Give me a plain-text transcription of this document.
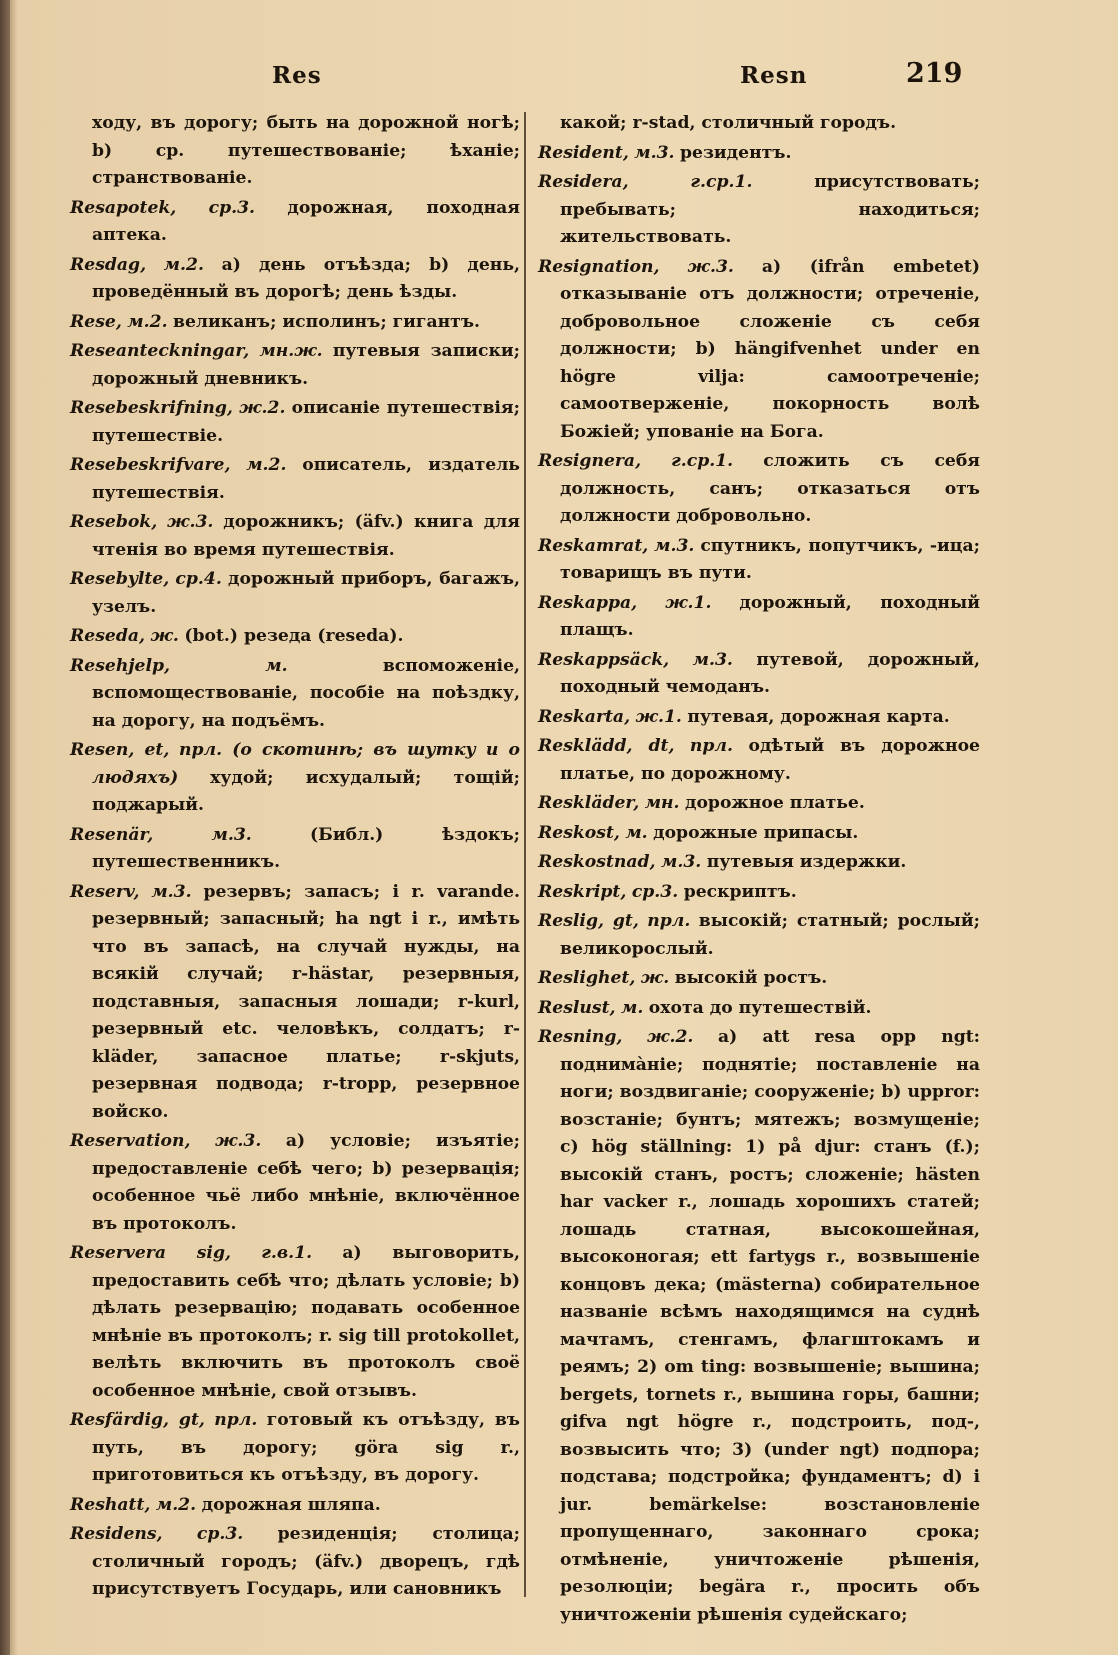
Res	Resn	219
ходу, въ дорогу; быть на дорожной ногѣ; b) ср. путешествованіе; ѣханіе; странствованіе.
Resapotek, ср.3. дорожная, походная аптека.
Resdag, м.2. a) день отъѣзда; b) день, проведённый въ дорогѣ; день ѣзды.
Rese, м.2. великанъ; исполинъ; гигантъ.
Reseanteckningar, мн.ж. путевыя записки; дорожный дневникъ.
Resebeskrifning, ж.2. описаніе путешествія; путешествіе.
Resebeskrifvare, м.2. описатель, издатель путешествія.
Resebok, ж.3. дорожникъ; (äfv.) книга для чтенія во время путешествія.
Resebylte, ср.4. дорожный приборъ, багажъ, узелъ.
Reseda, ж. (bot.) резеда (reseda).
Resehjelp,	м.	вспоможеніе, вспомоществованіе, пособіе на поѣздку, на дорогу, на подъёмъ.
Resen, et, прл. (о скотинѣ; въ шутку и о людяхъ) худой; исхудалый; тощій; поджарый.
Resenär,	м.3.	(Библ.) ѣздокъ; путешественникъ.
Reserv, м.3. резервъ; запасъ; i r. varande. резервный; запасный; ha ngt i r., имѣть что въ запасѣ, на случай нужды, на всякій случай; r-hästar, резервныя, подставныя, запасныя лошади; r-kurl, резервный etc. человѣкъ, солдатъ; r-kläder, запасное платье; r-skjuts, резервная подвода; r-tropp, резервное войско.
Reservation, ж.3. a) условіе; изъятіе; предоставленіе себѣ чего; b) резервація; особенное чьё либо мнѣніе, включённое въ протоколъ.
Reservera sig, г.в.1. a) выговорить, предоставить себѣ что; дѣлать условіе; b) дѣлать резервацію; подавать особенное мнѣніе въ протоколъ; r. sig till protokollet, велѣть включить въ протоколъ своё особенное мнѣніе, свой отзывъ.
Resfärdig, gt, прл. готовый къ отъѣзду, въ путь, въ дорогу; göra sig r., приготовиться къ отъѣзду, въ дорогу.
Reshatt, м.2. дорожная шляпа.
Residens, ср.3. резиденція; столица; столичный городъ; (äfv.) дворецъ, гдѣ присутствуетъ Государь, или сановникъ
какой; r-stad, столичный городъ.
Resident, м.3. резидентъ.
Residera,	г.ср.1.	присутствовать; пребывать; находиться; жительствовать.
Resignation, ж.3. a) (ifrån embetet) отказываніе отъ должности; отреченіе, добровольное сложеніе съ себя должности; b) hängifvenhet under en högre vilja: самоотреченіе; самоотверженіе, покорность волѣ Божіей; упованіе на Бога.
Resignera, г.ср.1. сложить съ себя должность, санъ; отказаться отъ должности добровольно.
Reskamrat, м.3. спутникъ, попутчикъ, -ица; товарищъ въ пути.
Reskappa, ж.1. дорожный, походный плащъ.
Reskappsäck, м.3. путевой, дорожный, походный чемоданъ.
Reskarta, ж.1. путевая, дорожная карта.
Resklädd, dt, прл. одѣтый въ дорожное платье, по дорожному.
Reskläder, мн. дорожное платье.
Reskost, м. дорожные припасы.
Reskostnad, м.3. путевыя издержки.
Reskript, ср.3. рескриптъ.
Reslig, gt, прл. высокій; статный; рослый; великорослый.
Reslighet, ж. высокій ростъ.
Reslust, м. охота до путешествій.
Resning, ж.2. a) att resa opp ngt: поднимàніе; поднятіе; поставленіе на ноги; воздвиганіе; сооруженіе; b) uppror: возстаніе; бунтъ; мятежъ; возмущеніе; c) hög ställning: 1) på djur: станъ (f.); высокій станъ, ростъ; сложеніе; hästen har vacker r., лошадь хорошихъ статей; лошадь статная, высокошейная, высоконогая; ett fartygs r., возвышеніе концовъ дека; (mästerna) собирательное названіе всѣмъ находящимся на суднѣ мачтамъ, стенгамъ, флагштокамъ и реямъ; 2) om ting: возвышеніе; вышина; bergets, tornets r., вышина горы, башни; gifva ngt högre r., подстроить, под-, возвысить что; 3) (under ngt) подпора; подстава; подстройка; фундаментъ; d) i jur. bemärkelse: возстановленіе пропущеннаго, законнаго срока; отмѣненіе, уничтоженіе рѣшенія, резолюціи; begära r., просить объ уничтоженіи рѣшенія судейскаго;
